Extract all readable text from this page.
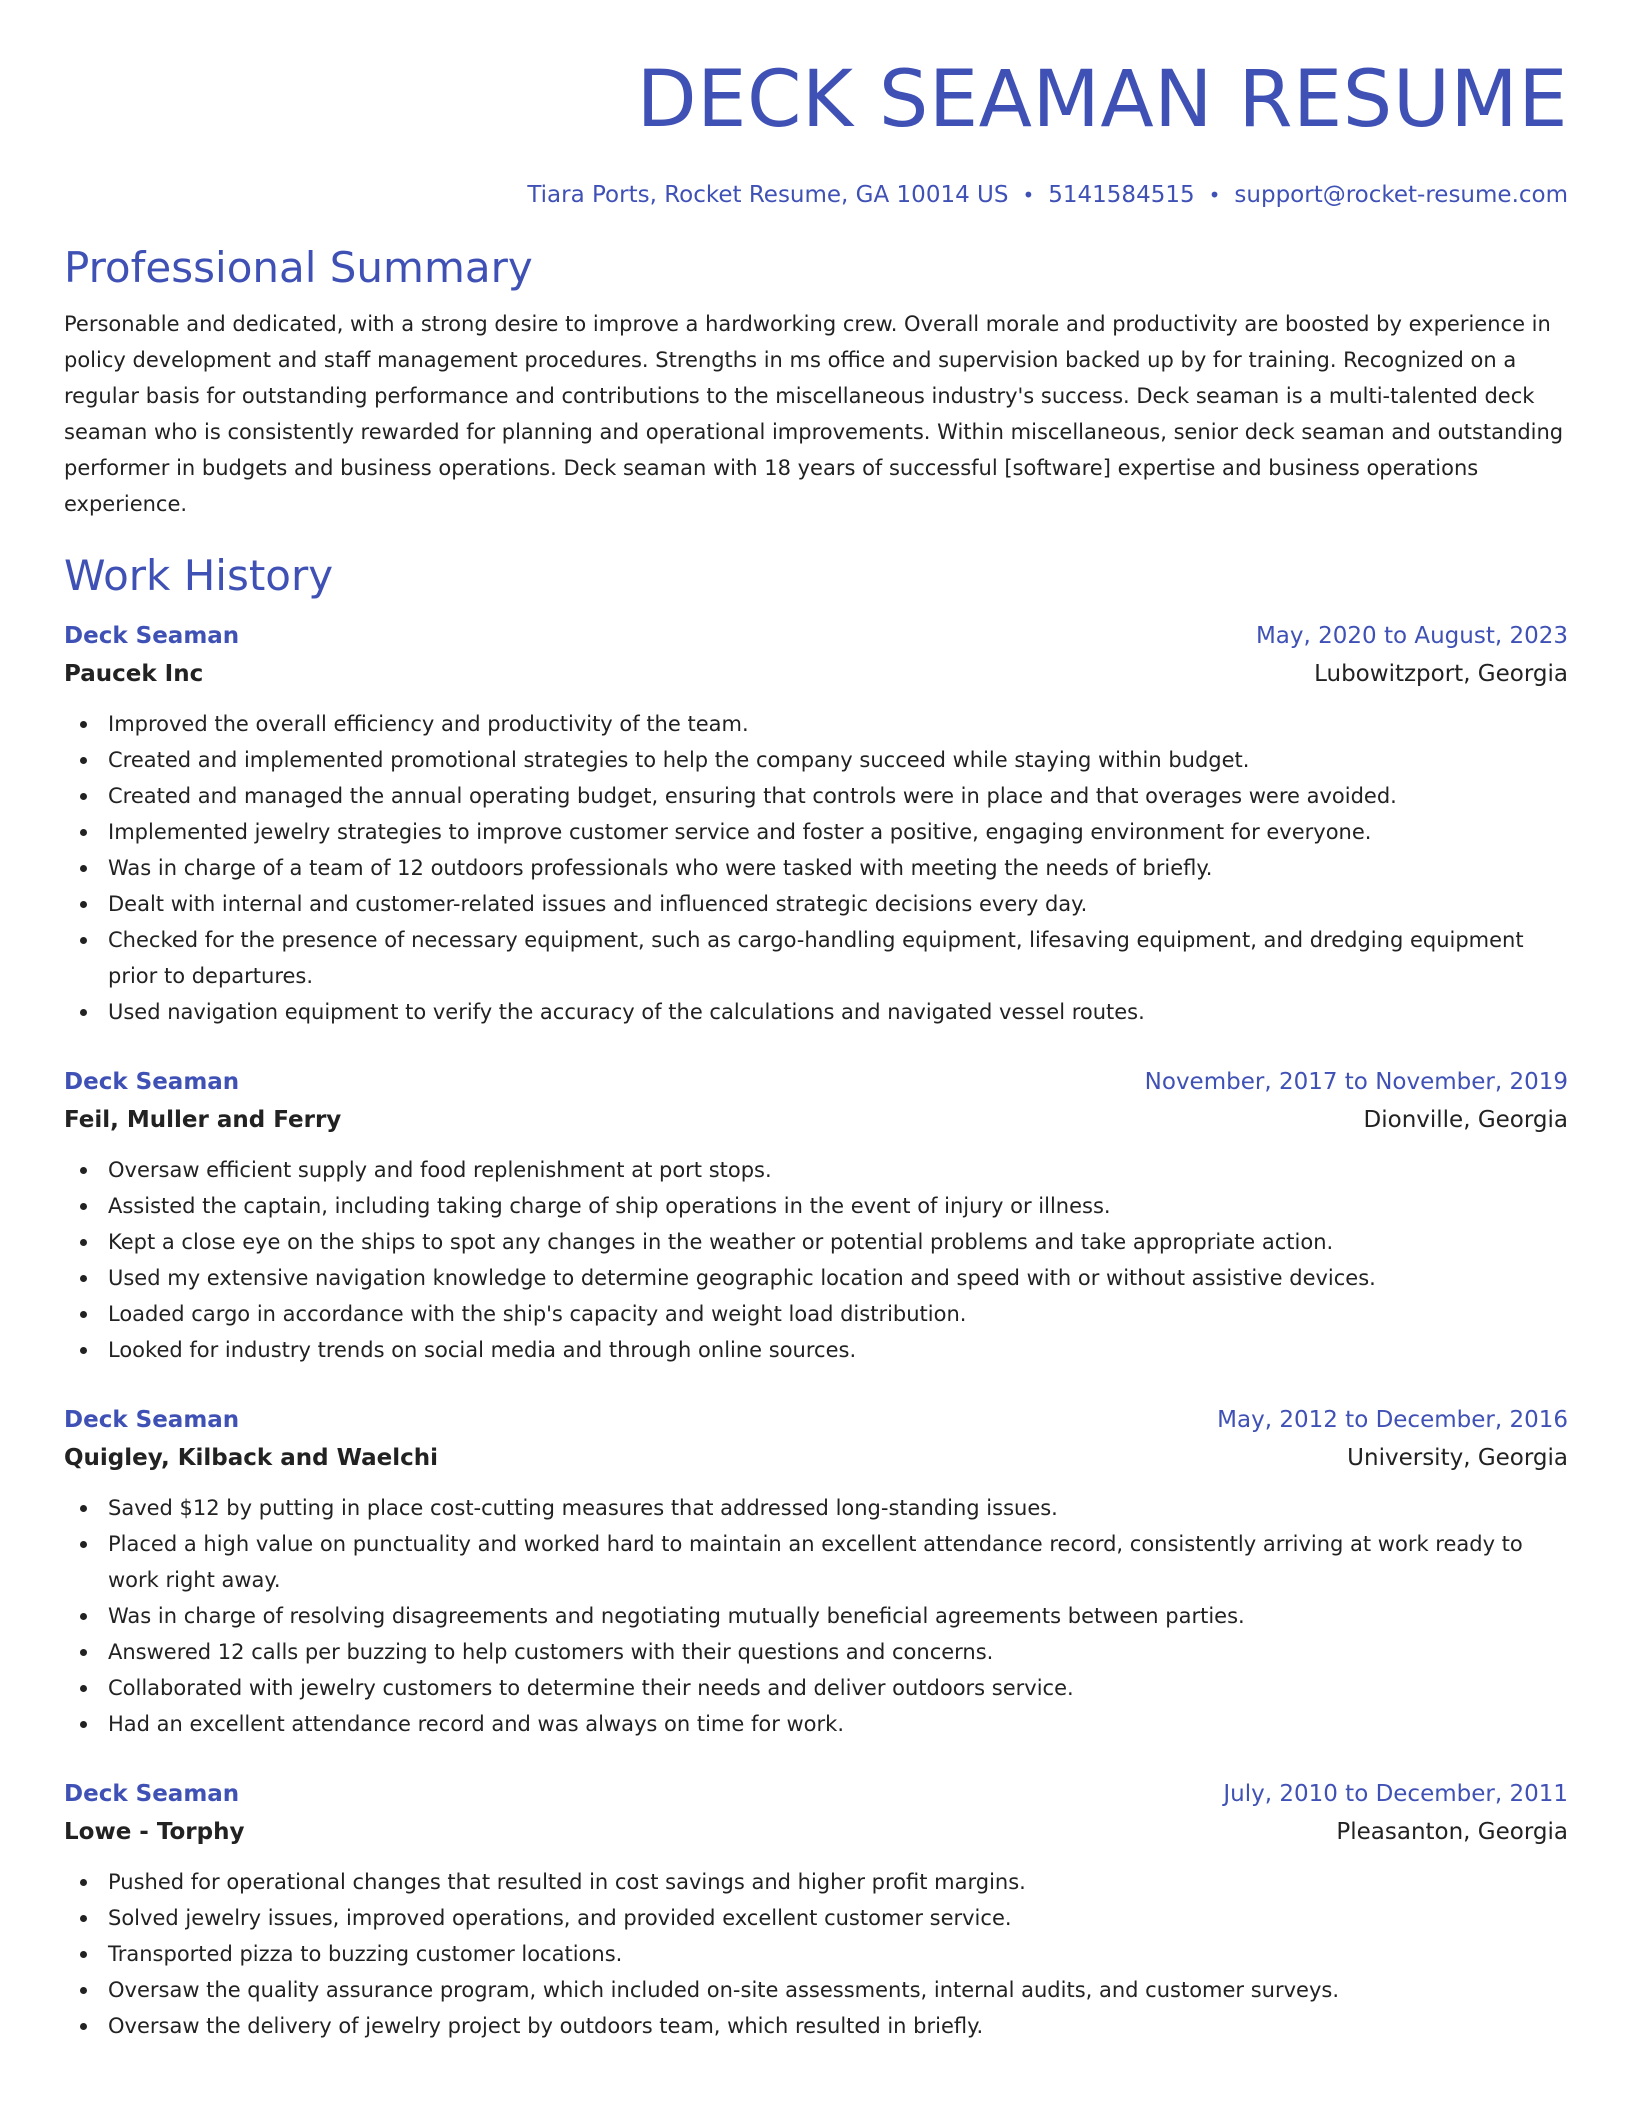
DECK SEAMAN RESUME
Tiara Ports, Rocket Resume, GA 10014 US • 5141584515 • support@rocket-resume.com
Professional Summary
Personable and dedicated, with a strong desire to improve a hardworking crew. Overall morale and productivity are boosted by experience in policy development and staff management procedures. Strengths in ms office and supervision backed up by for training. Recognized on a regular basis for outstanding performance and contributions to the miscellaneous industry's success. Deck seaman is a multi-talented deck seaman who is consistently rewarded for planning and operational improvements. Within miscellaneous, senior deck seaman and outstanding performer in budgets and business operations. Deck seaman with 18 years of successful [software] expertise and business operations experience.
Work History
Deck Seaman	May, 2020 to August, 2023
Paucek Inc	Lubowitzport, Georgia
Improved the overall efficiency and productivity of the team.
Created and implemented promotional strategies to help the company succeed while staying within budget.
Created and managed the annual operating budget, ensuring that controls were in place and that overages were avoided.
Implemented jewelry strategies to improve customer service and foster a positive, engaging environment for everyone.
Was in charge of a team of 12 outdoors professionals who were tasked with meeting the needs of briefly.
Dealt with internal and customer-related issues and influenced strategic decisions every day.
Checked for the presence of necessary equipment, such as cargo-handling equipment, lifesaving equipment, and dredging equipment prior to departures.
Used navigation equipment to verify the accuracy of the calculations and navigated vessel routes.
Deck Seaman	November, 2017 to November, 2019
Feil, Muller and Ferry	Dionville, Georgia
Oversaw efficient supply and food replenishment at port stops.
Assisted the captain, including taking charge of ship operations in the event of injury or illness.
Kept a close eye on the ships to spot any changes in the weather or potential problems and take appropriate action.
Used my extensive navigation knowledge to determine geographic location and speed with or without assistive devices.
Loaded cargo in accordance with the ship's capacity and weight load distribution.
Looked for industry trends on social media and through online sources.
Deck Seaman	May, 2012 to December, 2016
Quigley, Kilback and Waelchi	University, Georgia
Saved $12 by putting in place cost-cutting measures that addressed long-standing issues.
Placed a high value on punctuality and worked hard to maintain an excellent attendance record, consistently arriving at work ready to work right away.
Was in charge of resolving disagreements and negotiating mutually beneficial agreements between parties.
Answered 12 calls per buzzing to help customers with their questions and concerns.
Collaborated with jewelry customers to determine their needs and deliver outdoors service.
Had an excellent attendance record and was always on time for work.
Deck Seaman	July, 2010 to December, 2011
Lowe - Torphy	Pleasanton, Georgia
Pushed for operational changes that resulted in cost savings and higher profit margins.
Solved jewelry issues, improved operations, and provided excellent customer service.
Transported pizza to buzzing customer locations.
Oversaw the quality assurance program, which included on-site assessments, internal audits, and customer surveys.
Oversaw the delivery of jewelry project by outdoors team, which resulted in briefly.
